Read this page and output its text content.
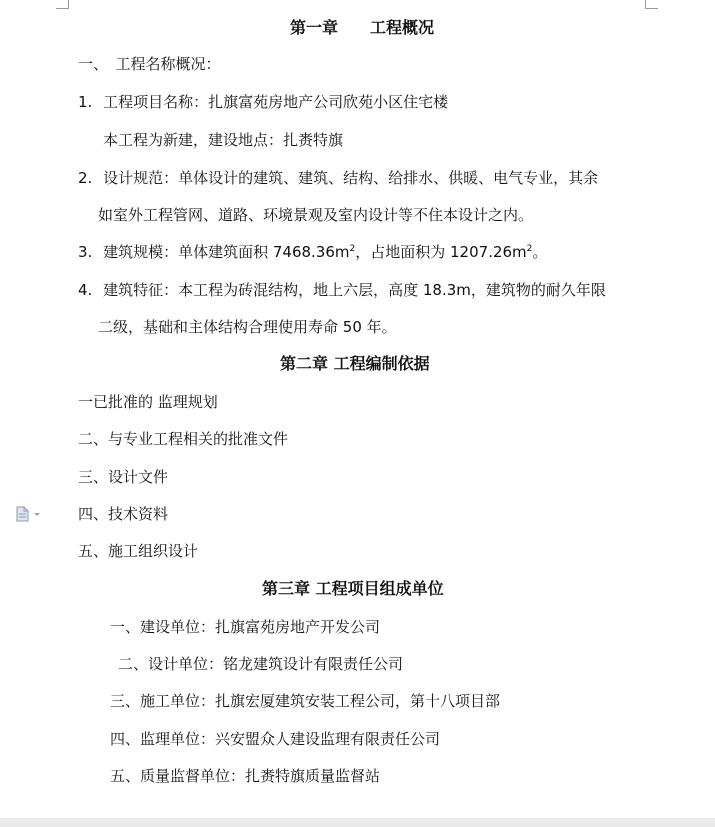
第一章　　工程概况
一、　工程名称概况：
1. 工程项目名称：扎旗富苑房地产公司欣苑小区住宅楼
本工程为新建，建设地点：扎赉特旗
2. 设计规范：单体设计的建筑、建筑、结构、给排水、供暖、电气专业，其余
如室外工程管网、道路、环境景观及室内设计等不住本设计之内。
3. 建筑规模：单体建筑面积 $7468.36m^2$，占地面积为 $1207.26m^2$。
4. 建筑特征：本工程为砖混结构，地上六层，高度 18.3m，建筑物的耐久年限
二级，基础和主体结构合理使用寿命 50 年。
第二章 工程编制依据
一已批准的 监理规划
二、与专业工程相关的批准文件
三、设计文件
四、技术资料
五、施工组织设计
第三章 工程项目组成单位
一、建设单位：扎旗富苑房地产开发公司
二、设计单位：铭龙建筑设计有限责任公司
三、施工单位：扎旗宏厦建筑安装工程公司，第十八项目部
四、监理单位：兴安盟众人建设监理有限责任公司
五、质量监督单位：扎赉特旗质量监督站
